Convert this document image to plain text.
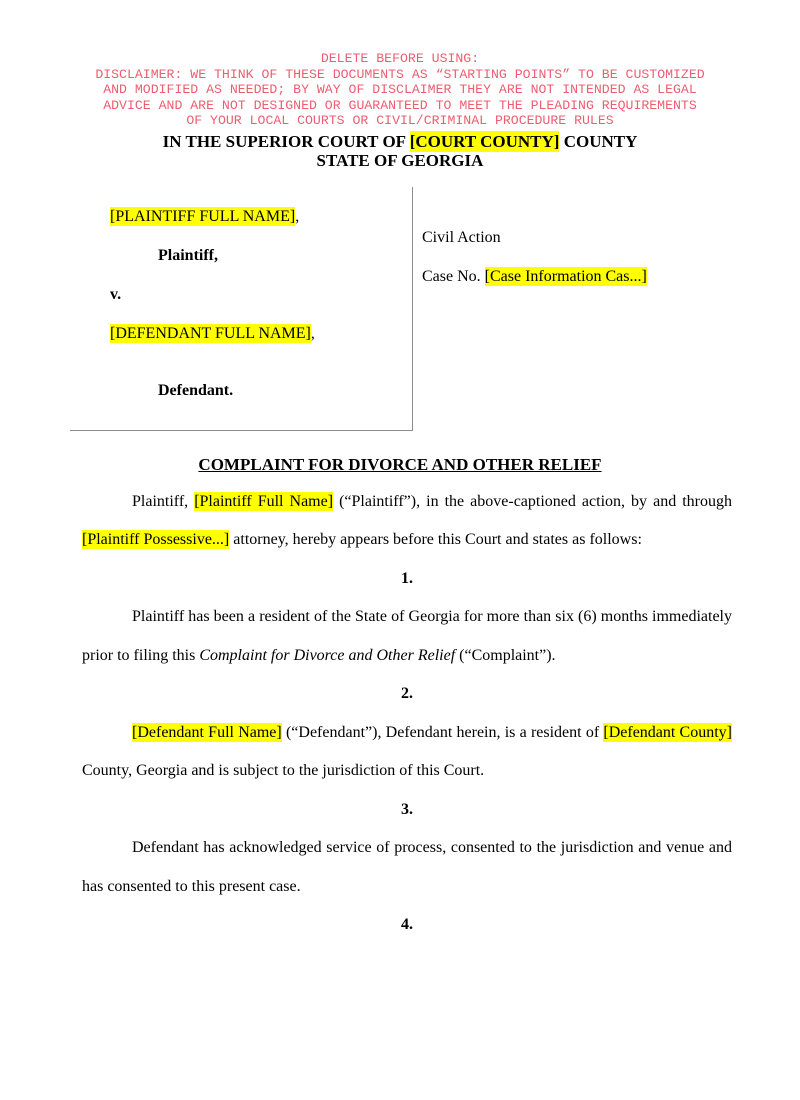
DELETE BEFORE USING:
DISCLAIMER: WE THINK OF THESE DOCUMENTS AS “STARTING POINTS” TO BE CUSTOMIZED
AND MODIFIED AS NEEDED; BY WAY OF DISCLAIMER THEY ARE NOT INTENDED AS LEGAL
ADVICE AND ARE NOT DESIGNED OR GUARANTEED TO MEET THE PLEADING REQUIREMENTS
OF YOUR LOCAL COURTS OR CIVIL/CRIMINAL PROCEDURE RULES
IN THE SUPERIOR COURT OF [COURT COUNTY] COUNTY
STATE OF GEORGIA
[PLAINTIFF FULL NAME],
Plaintiff,
v.
[DEFENDANT FULL NAME],
Defendant.
Civil Action
Case No. [Case Information Cas...]
COMPLAINT FOR DIVORCE AND OTHER RELIEF

Plaintiff, [Plaintiff Full Name] (“Plaintiff”), in the above-captioned action, by and through [Plaintiff Possessive...] attorney, hereby appears before this Court and states as follows:

1.

Plaintiff has been a resident of the State of Georgia for more than six (6) months immediately prior to filing this Complaint for Divorce and Other Relief (“Complaint”).

2.

[Defendant Full Name] (“Defendant”), Defendant herein, is a resident of [Defendant County] County, Georgia and is subject to the jurisdiction of this Court.

3.

Defendant has acknowledged service of process, consented to the jurisdiction and venue and has consented to this present case.

4.
